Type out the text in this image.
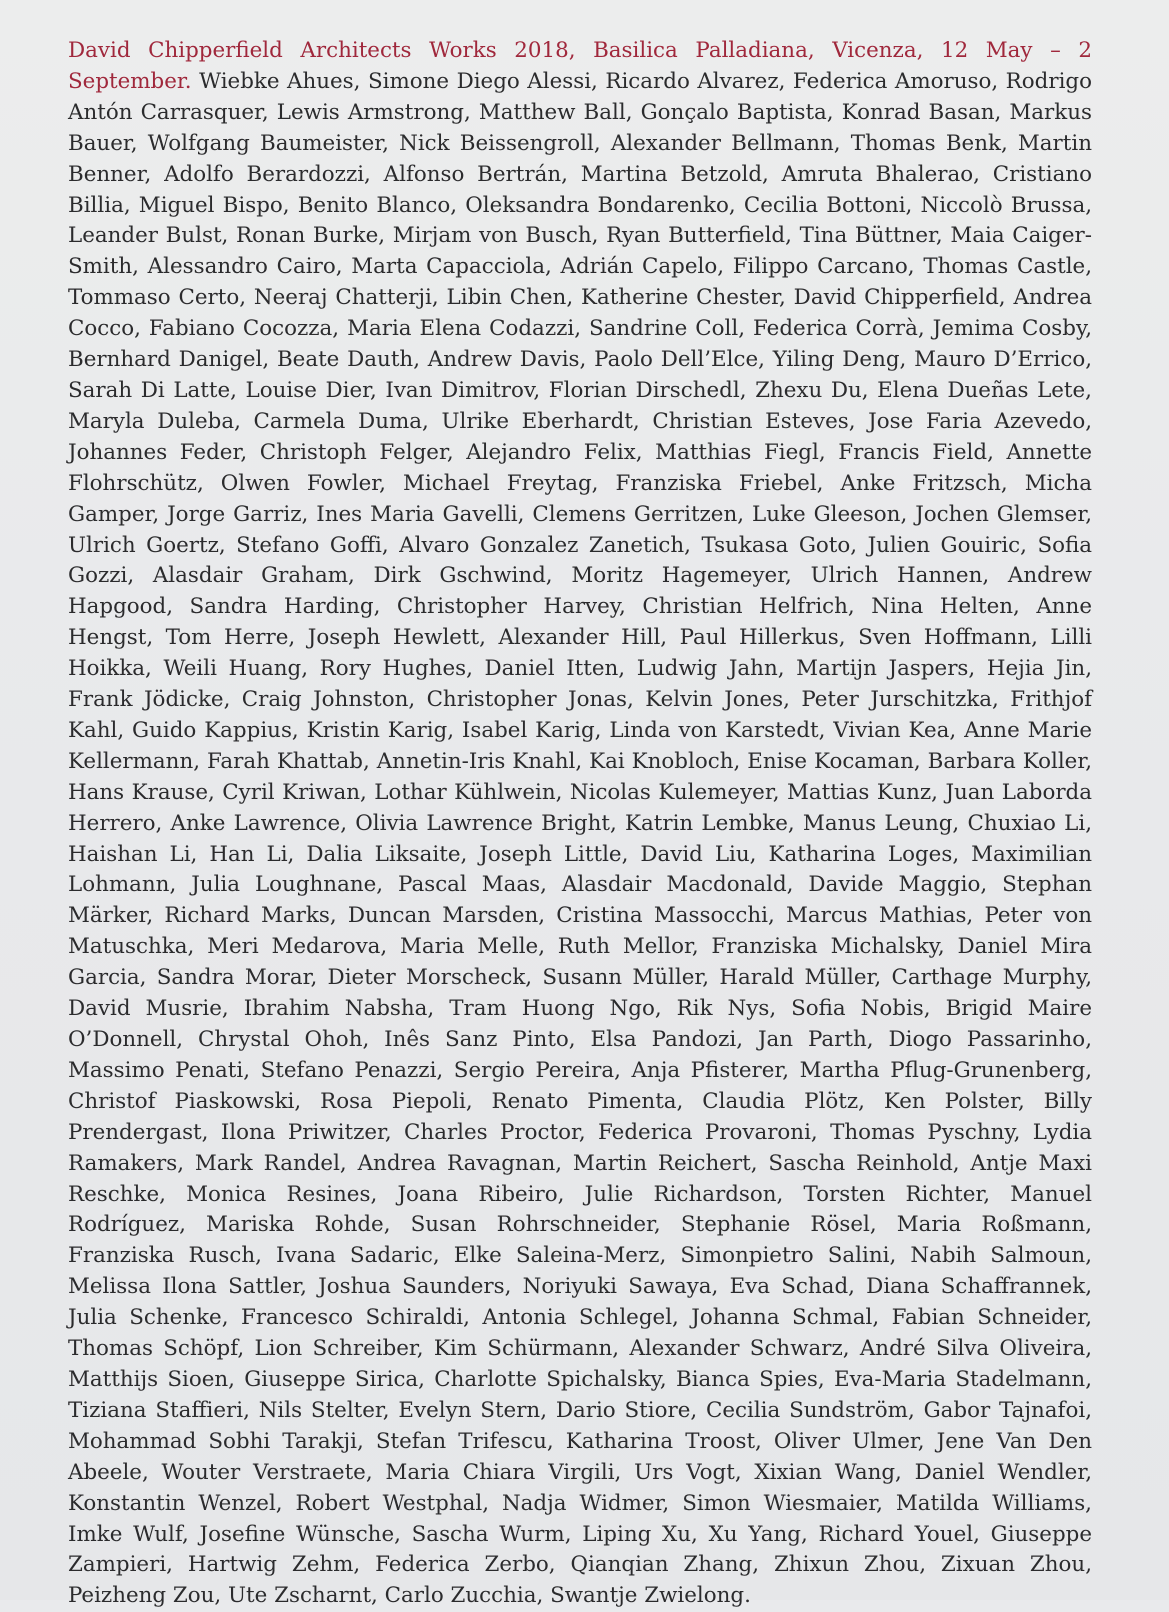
David Chipperfield Architects Works 2018, Basilica Palladiana, Vicenza, 12 May – 2 September. Wiebke Ahues, Simone Diego Alessi, Ricardo Alvarez, Federica Amoruso, Rodrigo Antón Carrasquer, Lewis Armstrong, Matthew Ball, Gonçalo Baptista, Konrad Basan, Markus Bauer, Wolfgang Baumeister, Nick Beissengroll, Alexander Bellmann, Thomas Benk, Martin Benner, Adolfo Berardozzi, Alfonso Bertrán, Martina Betzold, Amruta Bhalerao, Cristiano Billia, Miguel Bispo, Benito Blanco, Oleksandra Bondarenko, Cecilia Bottoni, Niccolò Brussa, Leander Bulst, Ronan Burke, Mirjam von Busch, Ryan Butterfield, Tina Büttner, Maia Caiger-Smith, Alessandro Cairo, Marta Capacciola, Adrián Capelo, Filippo Carcano, Thomas Castle, Tommaso Certo, Neeraj Chatterji, Libin Chen, Katherine Chester, David Chipperfield, Andrea Cocco, Fabiano Cocozza, Maria Elena Codazzi, Sandrine Coll, Federica Corrà, Jemima Cosby, Bernhard Danigel, Beate Dauth, Andrew Davis, Paolo Dell’Elce, Yiling Deng, Mauro D’Errico, Sarah Di Latte, Louise Dier, Ivan Dimitrov, Florian Dirschedl, Zhexu Du, Elena Dueñas Lete, Maryla Duleba, Carmela Duma, Ulrike Eberhardt, Christian Esteves, Jose Faria Azevedo, Johannes Feder, Christoph Felger, Alejandro Felix, Matthias Fiegl, Francis Field, Annette Flohrschütz, Olwen Fowler, Michael Freytag, Franziska Friebel, Anke Fritzsch, Micha Gamper, Jorge Garriz, Ines Maria Gavelli, Clemens Gerritzen, Luke Gleeson, Jochen Glemser, Ulrich Goertz, Stefano Goffi, Alvaro Gonzalez Zanetich, Tsukasa Goto, Julien Gouiric, Sofia Gozzi, Alasdair Graham, Dirk Gschwind, Moritz Hagemeyer, Ulrich Hannen, Andrew Hapgood, Sandra Harding, Christopher Harvey, Christian Helfrich, Nina Helten, Anne Hengst, Tom Herre, Joseph Hewlett, Alexander Hill, Paul Hillerkus, Sven Hoffmann, Lilli Hoikka, Weili Huang, Rory Hughes, Daniel Itten, Ludwig Jahn, Martijn Jaspers, Hejia Jin, Frank Jödicke, Craig Johnston, Christopher Jonas, Kelvin Jones, Peter Jurschitzka, Frithjof Kahl, Guido Kappius, Kristin Karig, Isabel Karig, Linda von Karstedt, Vivian Kea, Anne Marie Kellermann, Farah Khattab, Annetin-Iris Knahl, Kai Knobloch, Enise Kocaman, Barbara Koller, Hans Krause, Cyril Kriwan, Lothar Kühlwein, Nicolas Kulemeyer, Mattias Kunz, Juan Laborda Herrero, Anke Lawrence, Olivia Lawrence Bright, Katrin Lembke, Manus Leung, Chuxiao Li, Haishan Li, Han Li, Dalia Liksaite, Joseph Little, David Liu, Katharina Loges, Maximilian Lohmann, Julia Loughnane, Pascal Maas, Alasdair Macdonald, Davide Maggio, Stephan Märker, Richard Marks, Duncan Marsden, Cristina Massocchi, Marcus Mathias, Peter von Matuschka, Meri Medarova, Maria Melle, Ruth Mellor, Franziska Michalsky, Daniel Mira Garcia, Sandra Morar, Dieter Morscheck, Susann Müller, Harald Müller, Carthage Murphy, David Musrie, Ibrahim Nabsha, Tram Huong Ngo, Rik Nys, Sofia Nobis, Brigid Maire O’Donnell, Chrystal Ohoh, Inês Sanz Pinto, Elsa Pandozi, Jan Parth, Diogo Passarinho, Massimo Penati, Stefano Penazzi, Sergio Pereira, Anja Pfisterer, Martha Pflug-Grunenberg, Christof Piaskowski, Rosa Piepoli, Renato Pimenta, Claudia Plötz, Ken Polster, Billy Prendergast, Ilona Priwitzer, Charles Proctor, Federica Provaroni, Thomas Pyschny, Lydia Ramakers, Mark Randel, Andrea Ravagnan, Martin Reichert, Sascha Reinhold, Antje Maxi Reschke, Monica Resines, Joana Ribeiro, Julie Richardson, Torsten Richter, Manuel Rodríguez, Mariska Rohde, Susan Rohrschneider, Stephanie Rösel, Maria Roßmann, Franziska Rusch, Ivana Sadaric, Elke Saleina-Merz, Simonpietro Salini, Nabih Salmoun, Melissa Ilona Sattler, Joshua Saunders, Noriyuki Sawaya, Eva Schad, Diana Schaffrannek, Julia Schenke, Francesco Schiraldi, Antonia Schlegel, Johanna Schmal, Fabian Schneider, Thomas Schöpf, Lion Schreiber, Kim Schürmann, Alexander Schwarz, André Silva Oliveira, Matthijs Sioen, Giuseppe Sirica, Charlotte Spichalsky, Bianca Spies, Eva-Maria Stadelmann, Tiziana Staffieri, Nils Stelter, Evelyn Stern, Dario Stiore, Cecilia Sundström, Gabor Tajnafoi, Mohammad Sobhi Tarakji, Stefan Trifescu, Katharina Troost, Oliver Ulmer, Jene Van Den Abeele, Wouter Verstraete, Maria Chiara Virgili, Urs Vogt, Xixian Wang, Daniel Wendler, Konstantin Wenzel, Robert Westphal, Nadja Widmer, Simon Wiesmaier, Matilda Williams, Imke Wulf, Josefine Wünsche, Sascha Wurm, Liping Xu, Xu Yang, Richard Youel, Giuseppe Zampieri, Hartwig Zehm, Federica Zerbo, Qianqian Zhang, Zhixun Zhou, Zixuan Zhou, Peizheng Zou, Ute Zscharnt, Carlo Zucchia, Swantje Zwielong.
